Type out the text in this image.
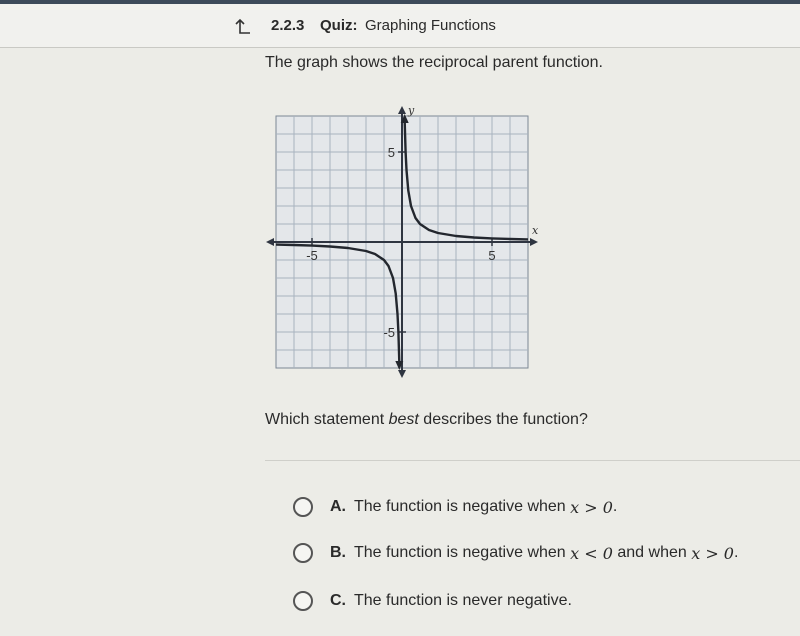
2.2.3 Quiz: Graphing Functions
The graph shows the reciprocal parent function.
-5	5
5
-5
x
y
Which statement best describes the function?
A. The function is negative when x > 0 .
B. The function is negative when x < 0 and when x > 0 .
C. The function is never negative.
